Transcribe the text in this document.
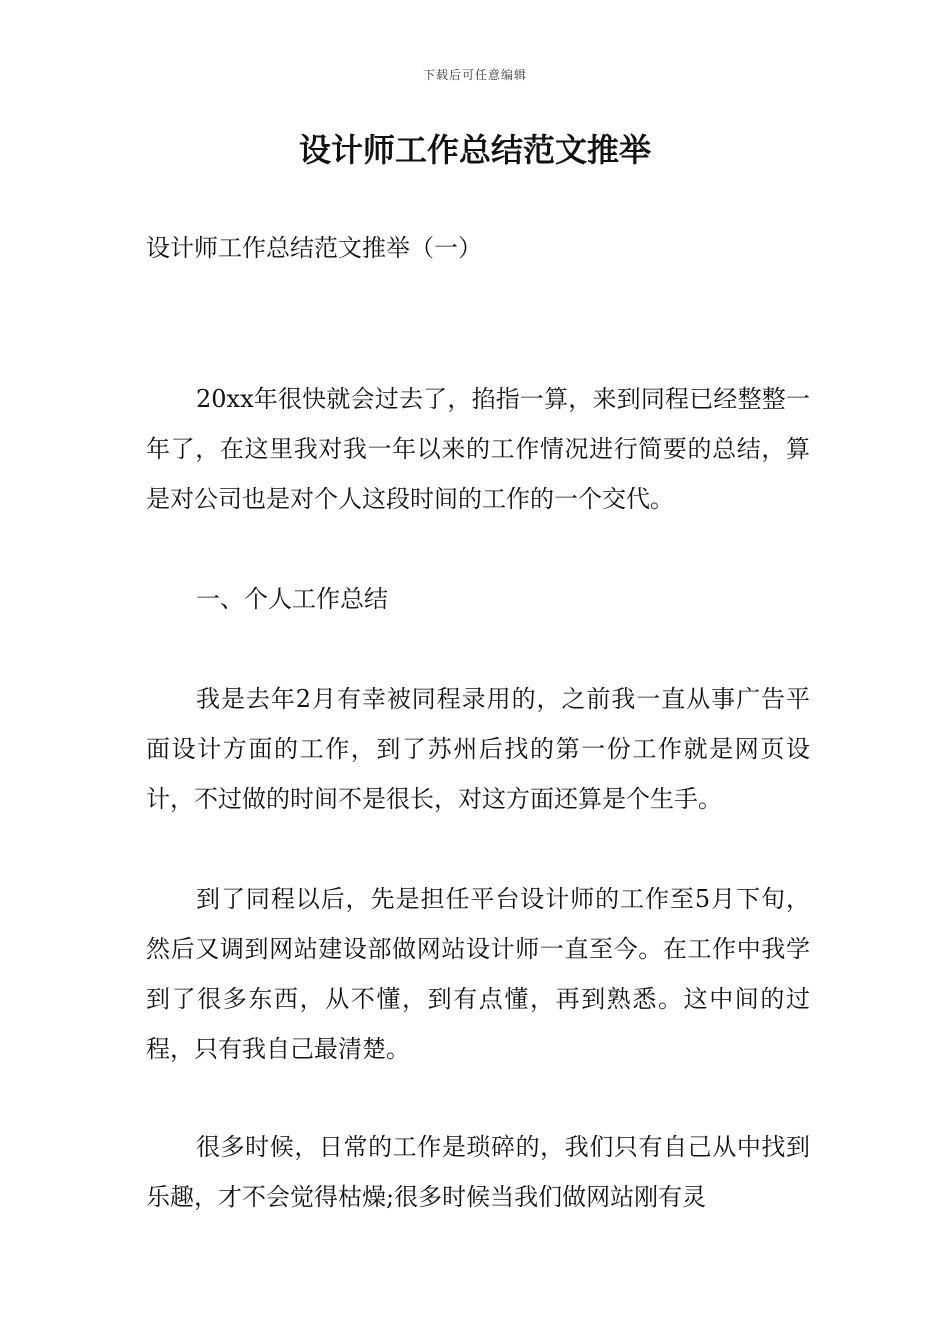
下载后可任意编辑
设计师工作总结范文推举

设计师工作总结范文推举（一）

20xx年很快就会过去了，掐指一算，来到同程已经整整一年了，在这里我对我一年以来的工作情况进行简要的总结，算是对公司也是对个人这段时间的工作的一个交代。

一、个人工作总结

我是去年2月有幸被同程录用的，之前我一直从事广告平面设计方面的工作，到了苏州后找的第一份工作就是网页设计，不过做的时间不是很长，对这方面还算是个生手。

到了同程以后，先是担任平台设计师的工作至5月下旬，然后又调到网站建设部做网站设计师一直至今。在工作中我学到了很多东西，从不懂，到有点懂，再到熟悉。这中间的过程，只有我自己最清楚。

很多时候，日常的工作是琐碎的，我们只有自己从中找到乐趣，才不会觉得枯燥;很多时候当我们做网站刚有灵
